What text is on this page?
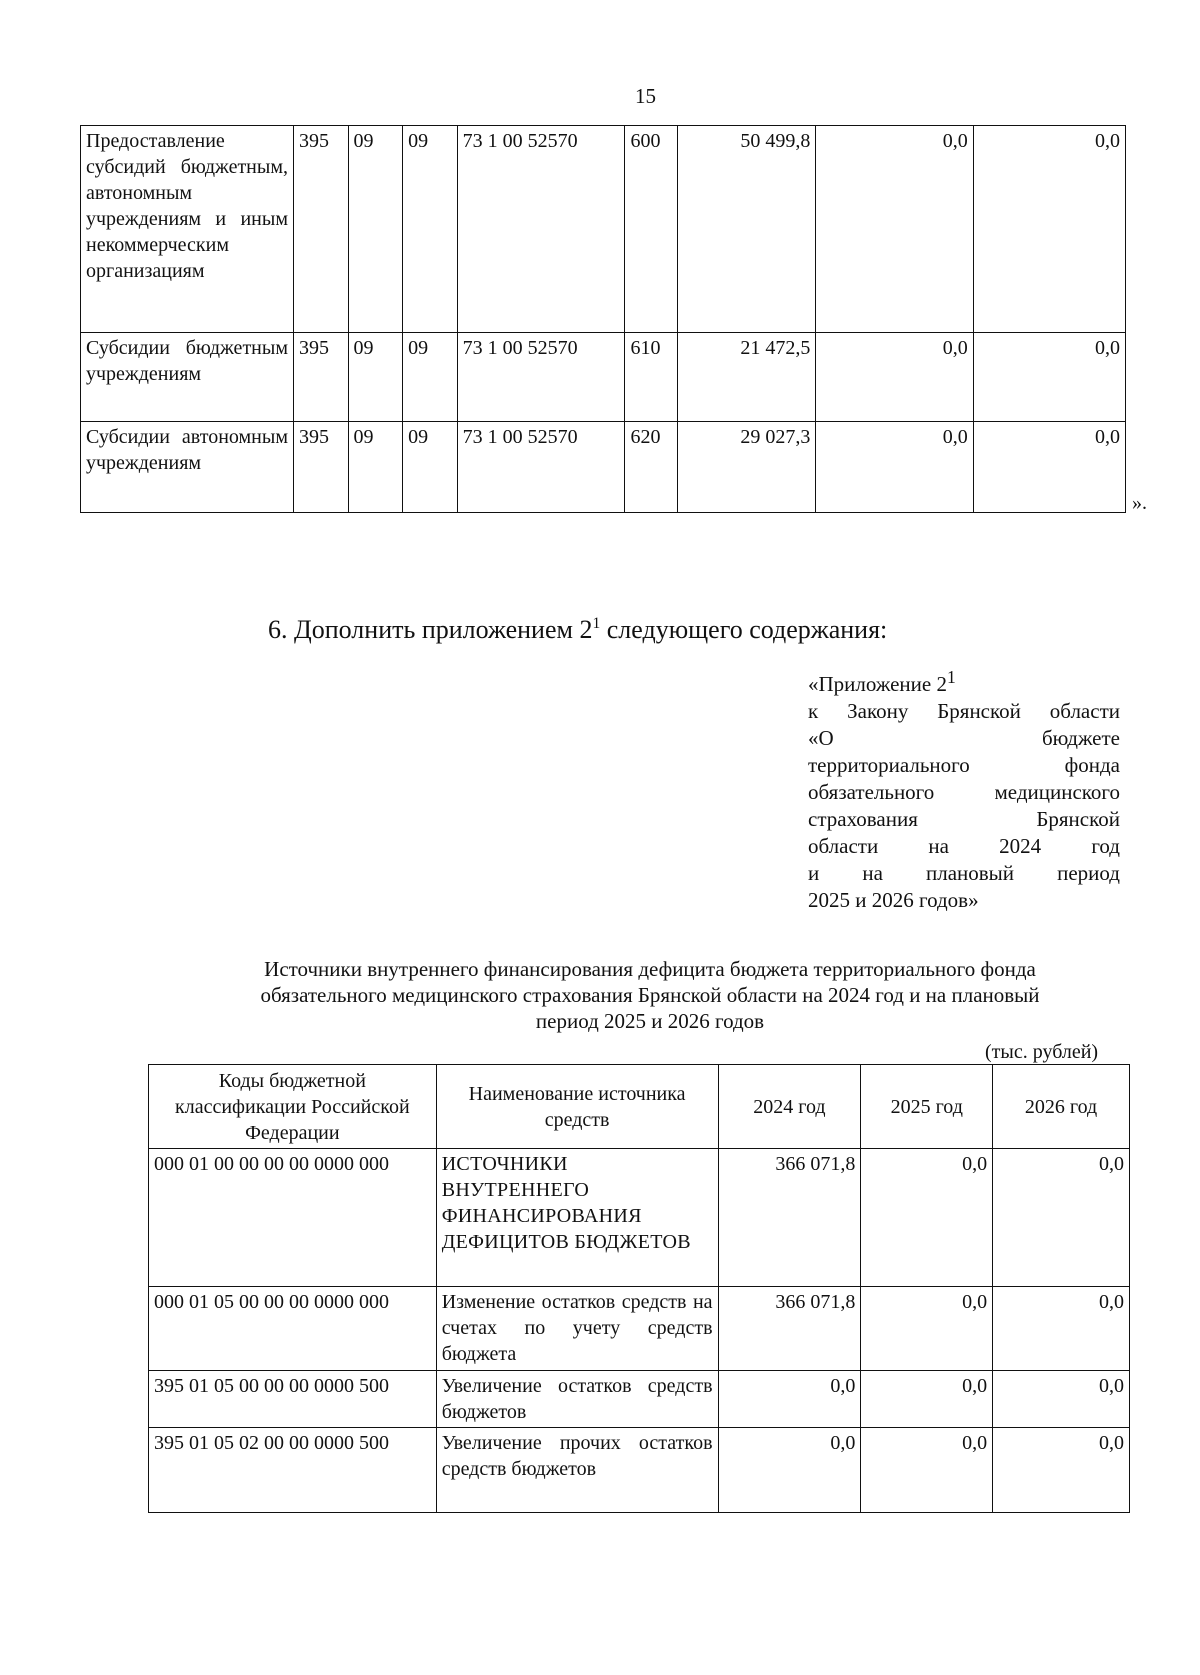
15
Предоставление субсидий бюджетным, автономным учреждениям и иным некоммерческим организациям	395	09	09	73 1 00 52570	600	50 499,8	0,0	0,0
Субсидии бюджетным учреждениям	395	09	09	73 1 00 52570	610	21 472,5	0,0	0,0
Субсидии автономным учреждениям	395	09	09	73 1 00 52570	620	29 027,3	0,0	0,0
».
6. Дополнить приложением $2^1$ следующего содержания:
«Приложение $2^1$
к Закону Брянской области
«О бюджете
территориального фонда
обязательного медицинского
страхования Брянской
области на 2024 год
и на плановый период
2025 и 2026 годов»
Источники внутреннего финансирования дефицита бюджета территориального фонда
обязательного медицинского страхования Брянской области на 2024 год и на плановый
период 2025 и 2026 годов
(тыс. рублей)
Коды бюджетной классификации Российской Федерации	Наименование источника средств	2024 год	2025 год	2026 год
000 01 00 00 00 00 0000 000	ИСТОЧНИКИ ВНУТРЕННЕГО ФИНАНСИРОВАНИЯ ДЕФИЦИТОВ БЮДЖЕТОВ	366 071,8	0,0	0,0
000 01 05 00 00 00 0000 000	Изменение остатков средств на счетах по учету средств бюджета	366 071,8	0,0	0,0
395 01 05 00 00 00 0000 500	Увеличение остатков средств бюджетов	0,0	0,0	0,0
395 01 05 02 00 00 0000 500	Увеличение прочих остатков средств бюджетов	0,0	0,0	0,0
